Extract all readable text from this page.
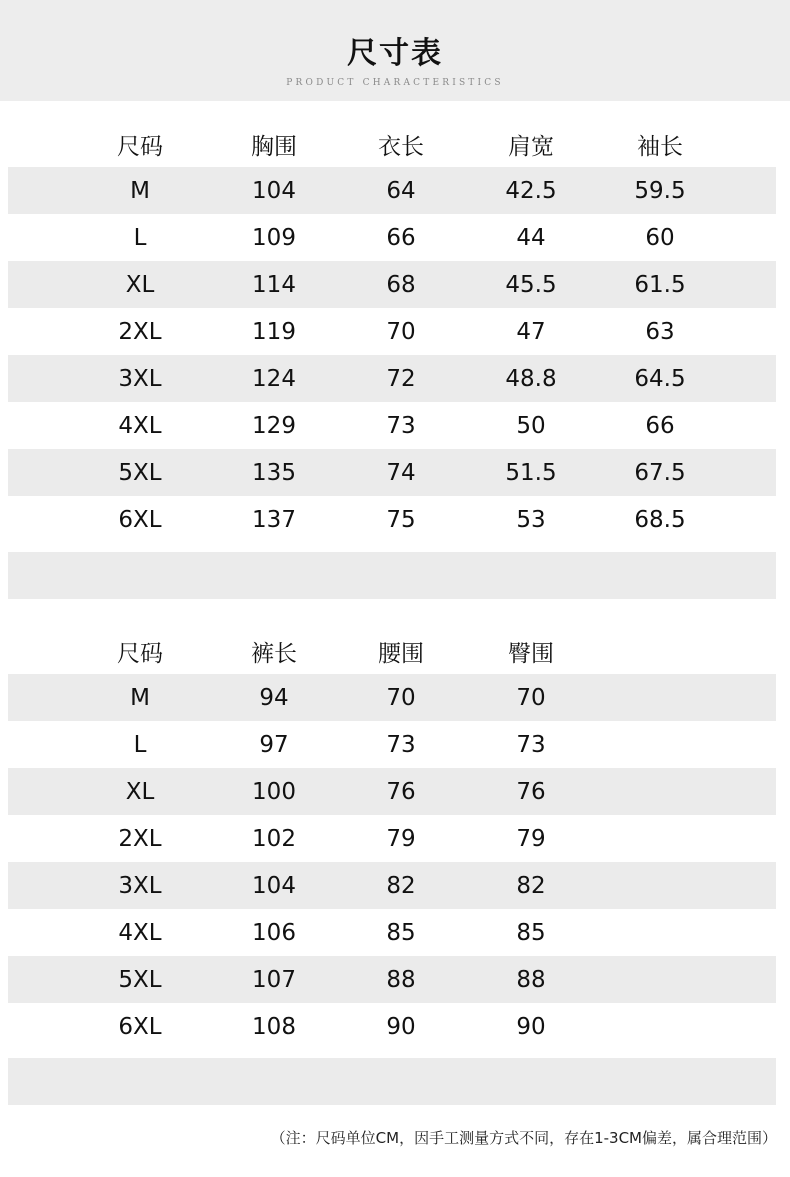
尺寸表
PRODUCT CHARACTERISTICS
尺码	胸围	衣长	肩宽	袖长
M	104	64	42.5	59.5
L	109	66	44	60
XL	114	68	45.5	61.5
2XL	119	70	47	63
3XL	124	72	48.8	64.5
4XL	129	73	50	66
5XL	135	74	51.5	67.5
6XL	137	75	53	68.5
尺码	裤长	腰围	臀围
M	94	70	70
L	97	73	73
XL	100	76	76
2XL	102	79	79
3XL	104	82	82
4XL	106	85	85
5XL	107	88	88
6XL	108	90	90
（注：尺码单位CM，因手工测量方式不同，存在1-3CM偏差，属合理范围）
